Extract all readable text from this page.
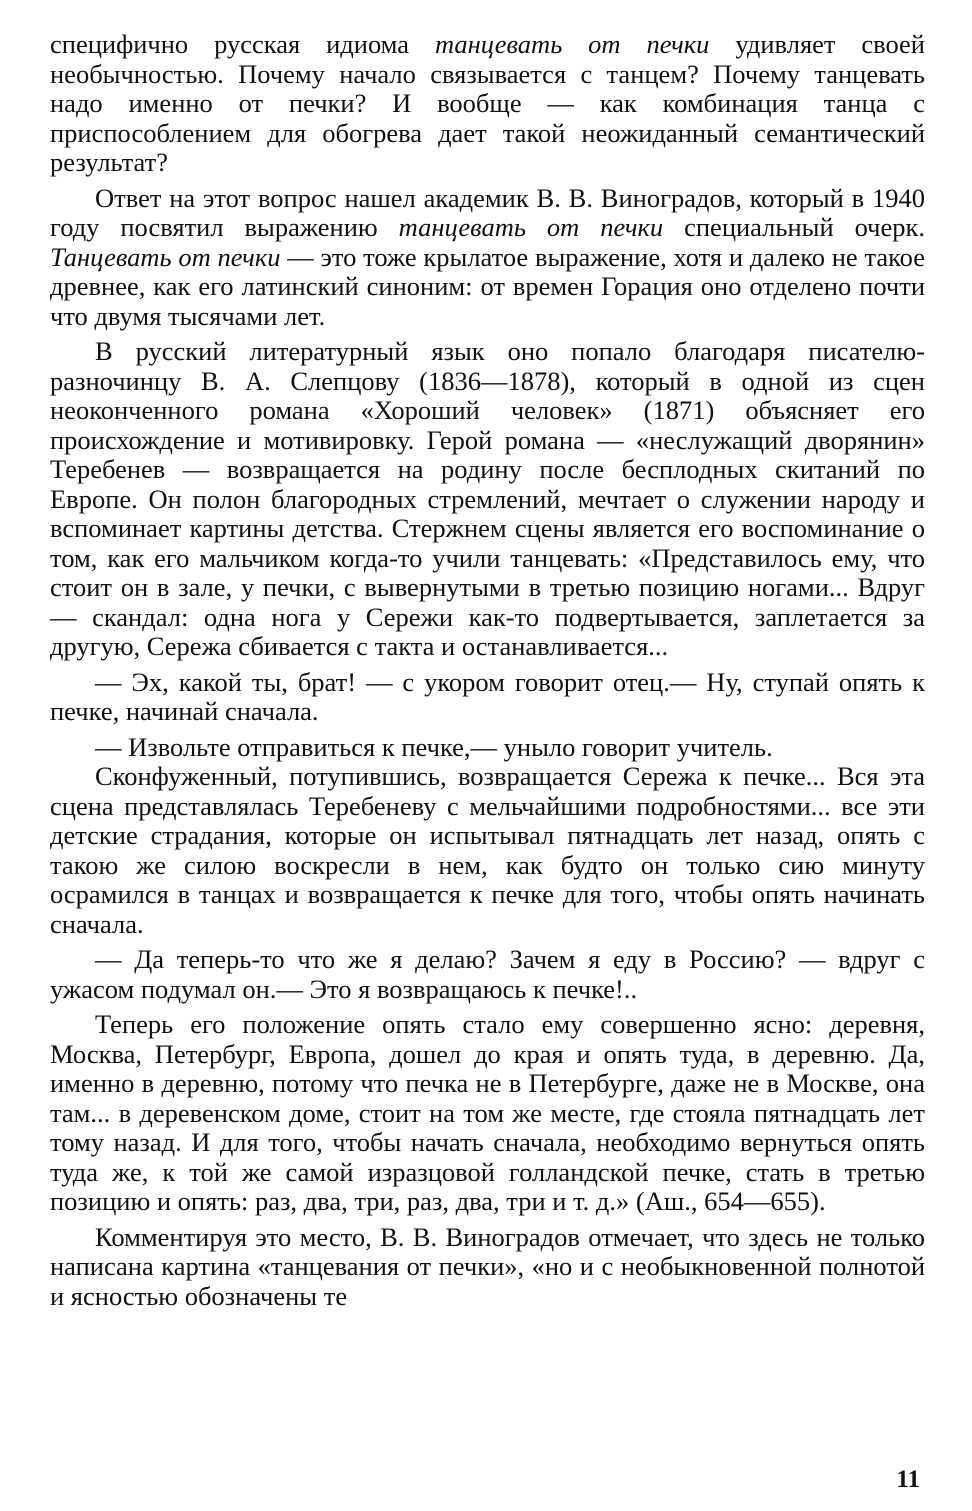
специфично русская идиома танцевать от печки удивляет своей необычностью. Почему начало связывается с танцем? Почему танцевать надо именно от печки? И вообще — как комбинация танца с приспособлением для обогрева дает такой неожиданный семантический результат?

Ответ на этот вопрос нашел академик В. В. Виноградов, который в 1940 году посвятил выражению танцевать от печки специальный очерк. Танцевать от печки — это тоже крылатое выражение, хотя и далеко не такое древнее, как его латинский синоним: от времен Горация оно отделено почти что двумя тысячами лет.

В русский литературный язык оно попало благодаря писателю-разночинцу В. А. Слепцову (1836—1878), который в одной из сцен неоконченного романа «Хороший человек» (1871) объясняет его происхождение и мотивировку. Герой романа — «неслужащий дворянин» Теребенев — возвращается на родину после бесплодных скитаний по Европе. Он полон благородных стремлений, мечтает о служении народу и вспоминает картины детства. Стержнем сцены является его воспоминание о том, как его мальчиком когда-то учили танцевать: «Представилось ему, что стоит он в зале, у печки, с вывернутыми в третью позицию ногами... Вдруг — скандал: одна нога у Сережи как-то подвертывается, заплетается за другую, Сережа сбивается с такта и останавливается...

— Эх, какой ты, брат! — с укором говорит отец.— Ну, ступай опять к печке, начинай сначала.

— Извольте отправиться к печке,— уныло говорит учитель.

Сконфуженный, потупившись, возвращается Сережа к печке... Вся эта сцена представлялась Теребеневу с мельчайшими подробностями... все эти детские страдания, которые он испытывал пятнадцать лет назад, опять с такою же силою воскресли в нем, как будто он только сию минуту осрамился в танцах и возвращается к печке для того, чтобы опять начинать сначала.

— Да теперь-то что же я делаю? Зачем я еду в Россию? — вдруг с ужасом подумал он.— Это я возвращаюсь к печке!..

Теперь его положение опять стало ему совершенно ясно: деревня, Москва, Петербург, Европа, дошел до края и опять туда, в деревню. Да, именно в деревню, потому что печка не в Петербурге, даже не в Москве, она там... в деревенском доме, стоит на том же месте, где стояла пятнадцать лет тому назад. И для того, чтобы начать сначала, необходимо вернуться опять туда же, к той же самой изразцовой голландской печке, стать в третью позицию и опять: раз, два, три, раз, два, три и т. д.» (Аш., 654—655).

Комментируя это место, В. В. Виноградов отмечает, что здесь не только написана картина «танцевания от печки», «но и с необыкновенной полнотой и ясностью обозначены те

11
